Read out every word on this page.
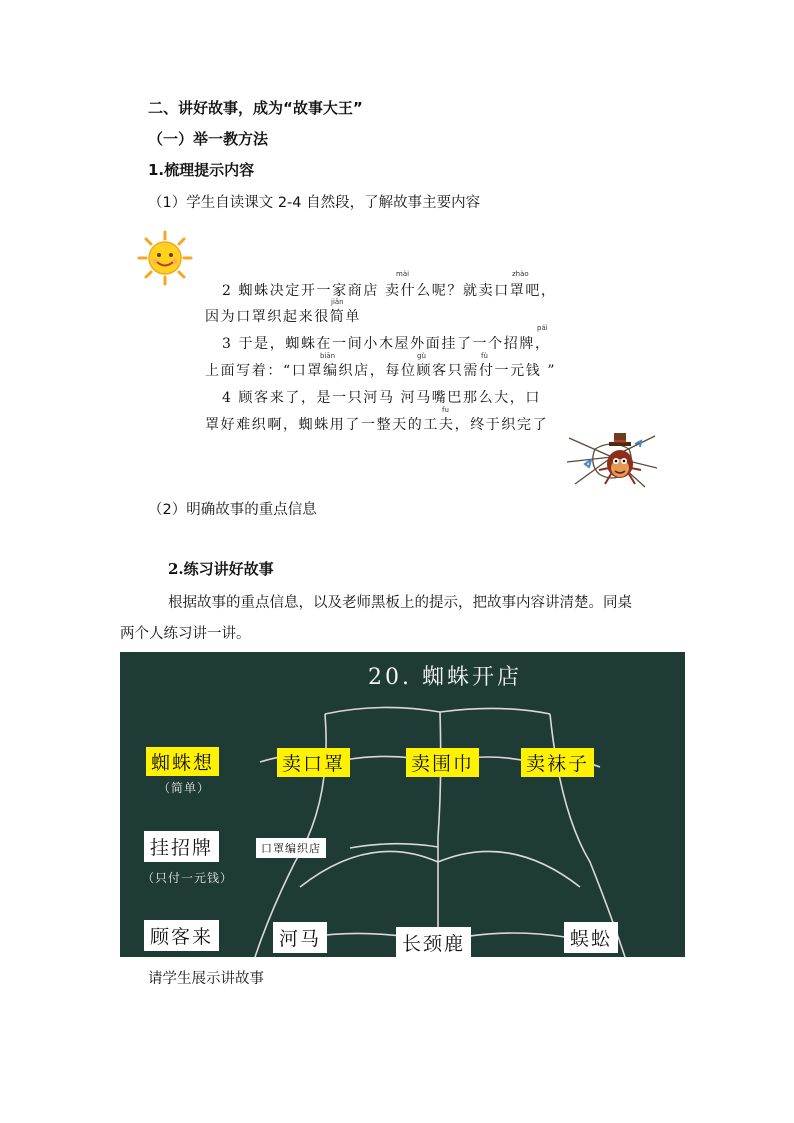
二、讲好故事，成为“故事大王”
（一）举一教方法
1.梳理提示内容
（1）学生自读课文 2-4 自然段，了解故事主要内容
mài	zhào
2 蜘蛛决定开一家商店 卖什么呢？就卖口罩吧，
jiǎn
因为口罩织起来很简单
pái
3 于是，蜘蛛在一间小木屋外面挂了一个招牌，
biān	gù	fù
上面写着：“口罩编织店，每位顾客只需付一元钱 ”
4 顾客来了，是一只河马 河马嘴巴那么大，口
fu
罩好难织啊，蜘蛛用了一整天的工夫，终于织完了
（2）明确故事的重点信息
2.练习讲好故事
根据故事的重点信息，以及老师黑板上的提示，把故事内容讲清楚。同桌
两个人练习讲一讲。
20. 蜘蛛开店
蜘蛛想
（简单）
卖口罩	卖围巾	卖袜子
挂招牌
（只付一元钱）
口罩编织店
顾客来	河马	长颈鹿	蜈蚣
请学生展示讲故事
